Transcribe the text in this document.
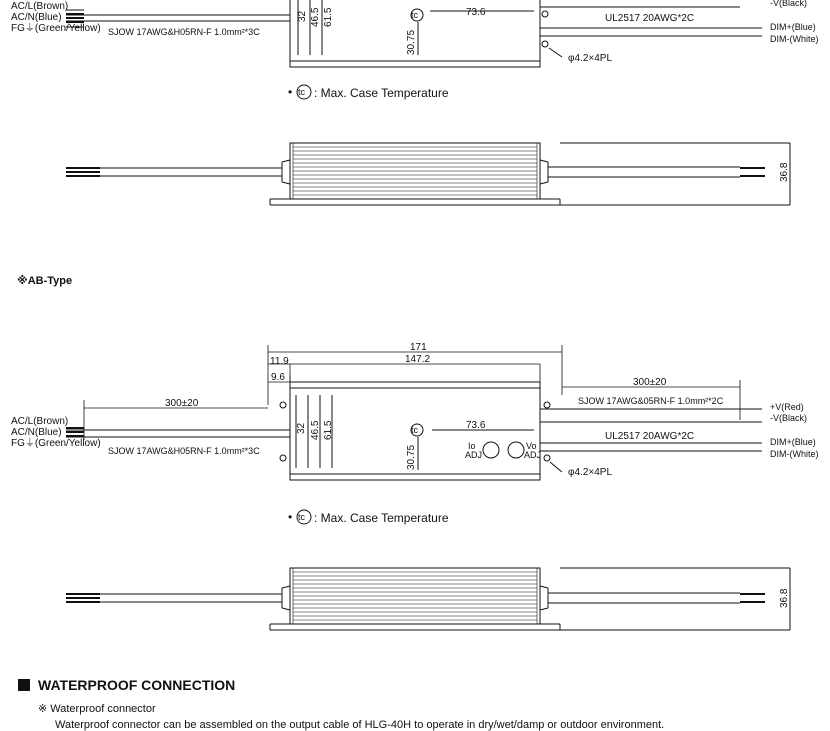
AC/L(Brown)
AC/N(Blue)
FG⏚(Green/Yellow) SJOW 17AWG&H05RN-F 1.0mm²*3C
UL2517 20AWG*2C
-V(Black)
DIM+(Blue)
DIM-(White)
73.6
φ4.2×4PL
32 46.5 61.5
30.75
tc
• tc : Max. Case Temperature
36.8
※AB-Type
171
147.2
11.9
9.6
300±20
300±20
AC/L(Brown)
AC/N(Blue)
FG⏚(Green/Yellow)
SJOW 17AWG&H05RN-F 1.0mm²*3C
SJOW 17AWG&05RN-F 1.0mm²*2C
UL2517 20AWG*2C
+V(Red)
-V(Black)
DIM+(Blue)
DIM-(White)
73.6
φ4.2×4PL
32 46.5 61.5
30.75
tc
Io
ADJ
Vo
ADJ
• tc : Max. Case Temperature
36.8
WATERPROOF CONNECTION
※ Waterproof connector
Waterproof connector can be assembled on the output cable of HLG-40H to operate in dry/wet/damp or outdoor environment.
